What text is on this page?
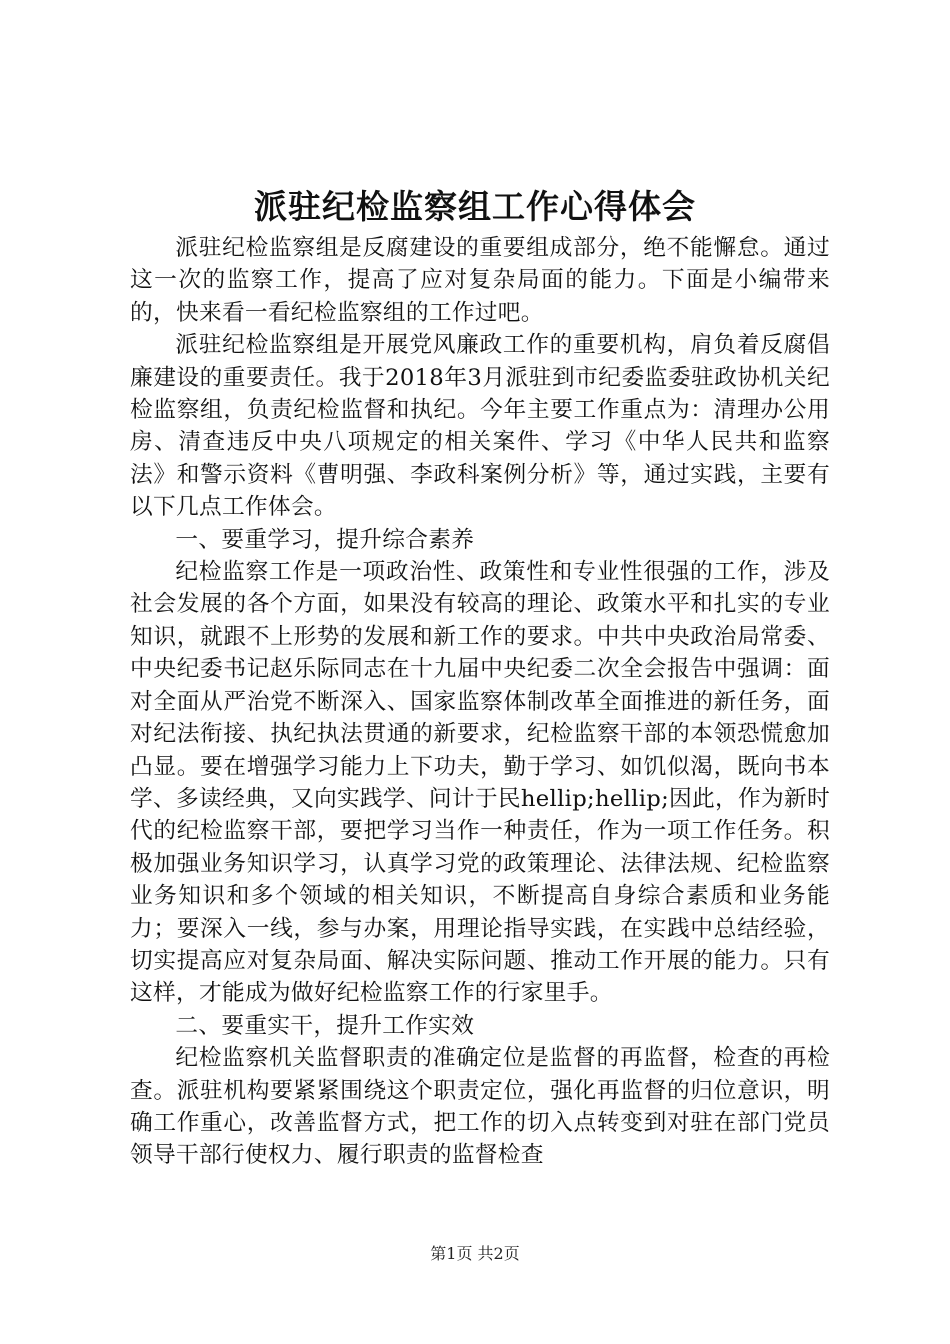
派驻纪检监察组工作心得体会

派驻纪检监察组是反腐建设的重要组成部分，绝不能懈怠。通过这一次的监察工作，提高了应对复杂局面的能力。下面是小编带来的，快来看一看纪检监察组的工作过吧。

派驻纪检监察组是开展党风廉政工作的重要机构，肩负着反腐倡廉建设的重要责任。我于2018年3月派驻到市纪委监委驻政协机关纪检监察组，负责纪检监督和执纪。今年主要工作重点为：清理办公用房、清查违反中央八项规定的相关案件、学习《中华人民共和监察法》和警示资料《曹明强、李政科案例分析》等，通过实践，主要有以下几点工作体会。

一、要重学习，提升综合素养

纪检监察工作是一项政治性、政策性和专业性很强的工作，涉及社会发展的各个方面，如果没有较高的理论、政策水平和扎实的专业知识，就跟不上形势的发展和新工作的要求。中共中央政治局常委、中央纪委书记赵乐际同志在十九届中央纪委二次全会报告中强调：面对全面从严治党不断深入、国家监察体制改革全面推进的新任务，面对纪法衔接、执纪执法贯通的新要求，纪检监察干部的本领恐慌愈加凸显。要在增强学习能力上下功夫，勤于学习、如饥似渴，既向书本学、多读经典，又向实践学、问计于民hellip;hellip;因此，作为新时代的纪检监察干部，要把学习当作一种责任，作为一项工作任务。积极加强业务知识学习，认真学习党的政策理论、法律法规、纪检监察业务知识和多个领域的相关知识，不断提高自身综合素质和业务能力；要深入一线，参与办案，用理论指导实践，在实践中总结经验，切实提高应对复杂局面、解决实际问题、推动工作开展的能力。只有这样，才能成为做好纪检监察工作的行家里手。

二、要重实干，提升工作实效

纪检监察机关监督职责的准确定位是监督的再监督，检查的再检查。派驻机构要紧紧围绕这个职责定位，强化再监督的归位意识，明确工作重心，改善监督方式，把工作的切入点转变到对驻在部门党员领导干部行使权力、履行职责的监督检查

第1页 共2页
